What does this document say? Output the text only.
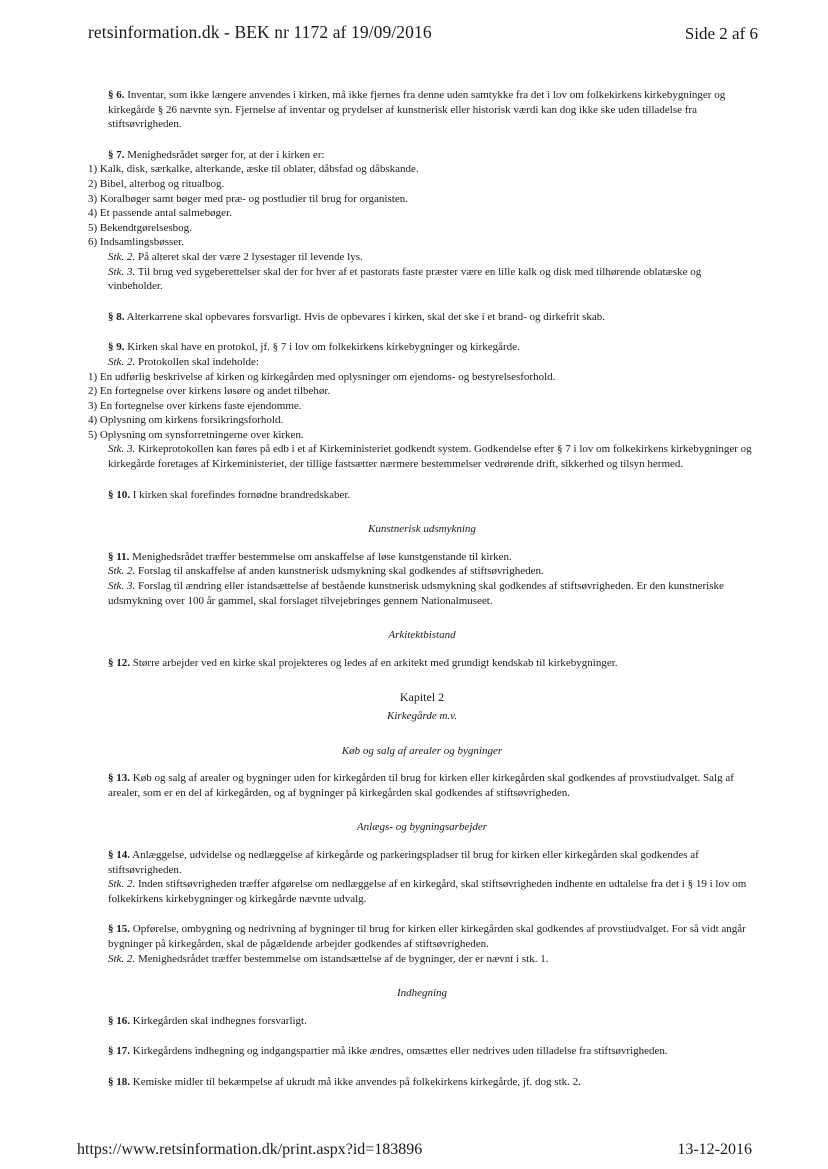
retsinformation.dk - BEK nr 1172 af 19/09/2016	Side 2 af 6

§ 6. Inventar, som ikke længere anvendes i kirken, må ikke fjernes fra denne uden samtykke fra det i lov om folkekirkens kirkebygninger og kirkegårde § 26 nævnte syn. Fjernelse af inventar og prydelser af kunstnerisk eller historisk værdi kan dog ikke ske uden tilladelse fra stiftsøvrigheden.

§ 7. Menighedsrådet sørger for, at der i kirken er:

1) Kalk, disk, særkalke, alterkande, æske til oblater, dåbsfad og dåbskande.
2) Bibel, alterbog og ritualbog.
3) Koralbøger samt bøger med præ- og postludier til brug for organisten.
4) Et passende antal salmebøger.
5) Bekendtgørelsesbog.
6) Indsamlingsbøsser.

Stk. 2. På alteret skal der være 2 lysestager til levende lys.

Stk. 3. Til brug ved sygeberettelser skal der for hver af et pastorats faste præster være en lille kalk og disk med tilhørende oblatæske og vinbeholder.

§ 8. Alterkarrene skal opbevares forsvarligt. Hvis de opbevares i kirken, skal det ske i et brand- og dirkefrit skab.

§ 9. Kirken skal have en protokol, jf. § 7 i lov om folkekirkens kirkebygninger og kirkegårde.

Stk. 2. Protokollen skal indeholde:

1) En udførlig beskrivelse af kirken og kirkegården med oplysninger om ejendoms- og bestyrelsesforhold.
2) En fortegnelse over kirkens løsøre og andet tilbehør.
3) En fortegnelse over kirkens faste ejendomme.
4) Oplysning om kirkens forsikringsforhold.
5) Oplysning om synsforretningerne over kirken.

Stk. 3. Kirkeprotokollen kan føres på edb i et af Kirkeministeriet godkendt system. Godkendelse efter § 7 i lov om folkekirkens kirkebygninger og kirkegårde foretages af Kirkeministeriet, der tillige fastsætter nærmere bestemmelser vedrørende drift, sikkerhed og tilsyn hermed.

§ 10. I kirken skal forefindes fornødne brandredskaber.

Kunstnerisk udsmykning

§ 11. Menighedsrådet træffer bestemmelse om anskaffelse af løse kunstgenstande til kirken.

Stk. 2. Forslag til anskaffelse af anden kunstnerisk udsmykning skal godkendes af stiftsøvrigheden.

Stk. 3. Forslag til ændring eller istandsættelse af bestående kunstnerisk udsmykning skal godkendes af stiftsøvrigheden. Er den kunstneriske udsmykning over 100 år gammel, skal forslaget tilvejebringes gennem Nationalmuseet.

Arkitektbistand

§ 12. Større arbejder ved en kirke skal projekteres og ledes af en arkitekt med grundigt kendskab til kirkebygninger.

Kapitel 2

Kirkegårde m.v.

Køb og salg af arealer og bygninger

§ 13. Køb og salg af arealer og bygninger uden for kirkegården til brug for kirken eller kirkegården skal godkendes af provstiudvalget. Salg af arealer, som er en del af kirkegården, og af bygninger på kirkegården skal godkendes af stiftsøvrigheden.

Anlægs- og bygningsarbejder

§ 14. Anlæggelse, udvidelse og nedlæggelse af kirkegårde og parkeringspladser til brug for kirken eller kirkegården skal godkendes af stiftsøvrigheden.

Stk. 2. Inden stiftsøvrigheden træffer afgørelse om nedlæggelse af en kirkegård, skal stiftsøvrigheden indhente en udtalelse fra det i § 19 i lov om folkekirkens kirkebygninger og kirkegårde nævnte udvalg.

§ 15. Opførelse, ombygning og nedrivning af bygninger til brug for kirken eller kirkegården skal godkendes af provstiudvalget. For så vidt angår bygninger på kirkegården, skal de pågældende arbejder godkendes af stiftsøvrigheden.

Stk. 2. Menighedsrådet træffer bestemmelse om istandsættelse af de bygninger, der er nævnt i stk. 1.

Indhegning

§ 16. Kirkegården skal indhegnes forsvarligt.

§ 17. Kirkegårdens indhegning og indgangspartier må ikke ændres, omsættes eller nedrives uden tilladelse fra stiftsøvrigheden.

§ 18. Kemiske midler til bekæmpelse af ukrudt må ikke anvendes på folkekirkens kirkegårde, jf. dog stk. 2.

https://www.retsinformation.dk/print.aspx?id=183896	13-12-2016
